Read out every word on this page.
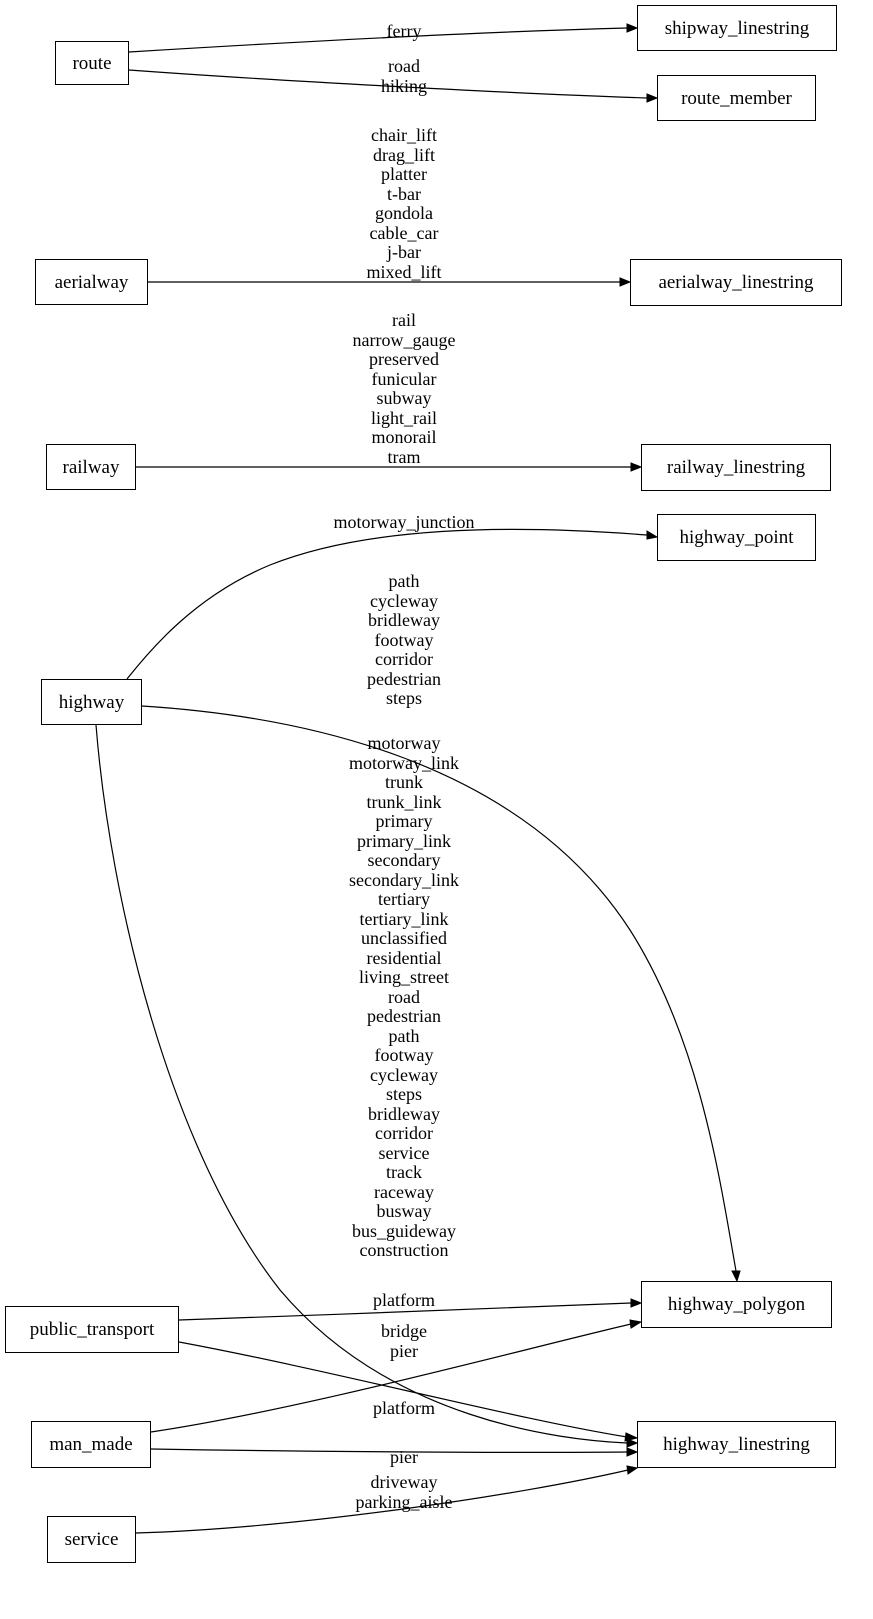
route
shipway_linestring
route_member
aerialway	aerialway_linestring
railway	railway_linestring
highway_point
highway
highway_polygon
public_transport
man_made	highway_linestring
service
ferry
road
hiking
chair_lift
drag_lift
platter
t-bar
gondola
cable_car
j-bar
mixed_lift
rail
narrow_gauge
preserved
funicular
subway
light_rail
monorail
tram
motorway_junction
path
cycleway
bridleway
footway
corridor
pedestrian
steps
motorway
motorway_link
trunk
trunk_link
primary
primary_link
secondary
secondary_link
tertiary
tertiary_link
unclassified
residential
living_street
road
pedestrian
path
footway
cycleway
steps
bridleway
corridor
service
track
raceway
busway
bus_guideway
construction
platform
bridge
pier
platform
pier
driveway
parking_aisle
